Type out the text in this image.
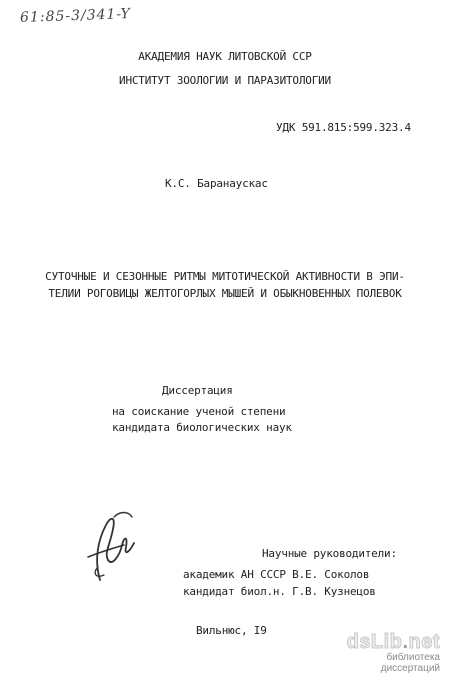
61:85-3/341-Y
АКАДЕМИЯ НАУК ЛИТОВСКОЙ ССР
ИНСТИТУТ ЗООЛОГИИ И ПАРАЗИТОЛОГИИ
УДК 591.815:599.323.4
К.С. Баранаускас
СУТОЧНЫЕ И СЕЗОННЫЕ РИТМЫ МИТОТИЧЕСКОЙ АКТИВНОСТИ В ЭПИ-
ТЕЛИИ РОГОВИЦЫ ЖЕЛТОГОРЛЫХ МЫШЕЙ И ОБЫКНОВЕННЫХ ПОЛЕВОК
Диссертация
на соискание ученой степени
кандидата биологических наук
Научные руководители:
академик АН СССР В.Е. Соколов
кандидат биол.н. Г.В. Кузнецов
Вильнюс, I9
dsLib.net
библиотека диссертаций
